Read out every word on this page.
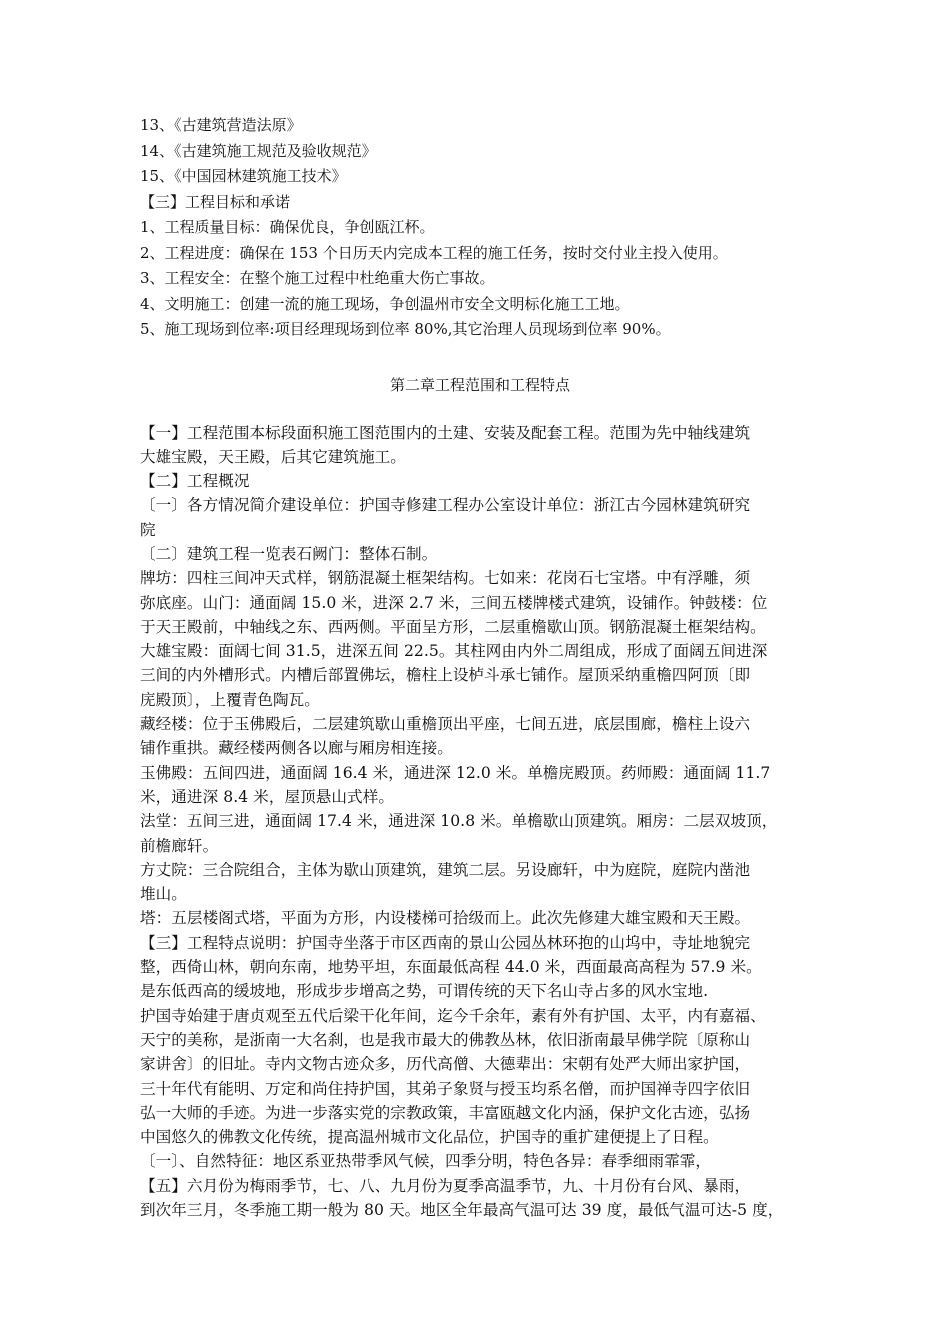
13、《古建筑营造法原》
14、《古建筑施工规范及验收规范》
15、《中国园林建筑施工技术》
【三】工程目标和承诺
1、工程质量目标：确保优良，争创瓯江杯。
2、工程进度：确保在 153 个日历天内完成本工程的施工任务，按时交付业主投入使用。
3、工程安全：在整个施工过程中杜绝重大伤亡事故。
4、文明施工：创建一流的施工现场，争创温州市安全文明标化施工工地。
5、施工现场到位率:项目经理现场到位率 80%,其它治理人员现场到位率 90%。
第二章工程范围和工程特点
【一】工程范围本标段面积施工图范围内的土建、安装及配套工程。范围为先中轴线建筑
大雄宝殿，天王殿，后其它建筑施工。
【二】工程概况
〔一〕各方情况简介建设单位：护国寺修建工程办公室设计单位：浙江古今园林建筑研究
院
〔二〕建筑工程一览表石阙门：整体石制。
牌坊：四柱三间冲天式样，钢筋混凝土框架结构。七如来：花岗石七宝塔。中有浮雕，须
弥底座。山门：通面阔 15.0 米，进深 2.7 米，三间五楼牌楼式建筑，设铺作。钟鼓楼：位
于天王殿前，中轴线之东、西两侧。平面呈方形，二层重檐歇山顶。钢筋混凝土框架结构。
大雄宝殿：面阔七间 31.5，进深五间 22.5。其柱网由内外二周组成，形成了面阔五间进深
三间的内外槽形式。内槽后部置佛坛，檐柱上设栌斗承七铺作。屋顶采纳重檐四阿顶〔即
庑殿顶〕，上覆青色陶瓦。
藏经楼：位于玉佛殿后，二层建筑歇山重檐顶出平座，七间五进，底层围廊，檐柱上设六
铺作重拱。藏经楼两侧各以廊与厢房相连接。
玉佛殿：五间四进，通面阔 16.4 米，通进深 12.0 米。单檐庑殿顶。药师殿：通面阔 11.7
米，通进深 8.4 米，屋顶悬山式样。
法堂：五间三进，通面阔 17.4 米，通进深 10.8 米。单檐歇山顶建筑。厢房：二层双坡顶，
前檐廊轩。
方丈院：三合院组合，主体为歇山顶建筑，建筑二层。另设廊轩，中为庭院，庭院内凿池
堆山。
塔：五层楼阁式塔，平面为方形，内设楼梯可拾级而上。此次先修建大雄宝殿和天王殿。
【三】工程特点说明：护国寺坐落于市区西南的景山公园丛林环抱的山坞中，寺址地貌完
整，西倚山林，朝向东南，地势平坦，东面最低高程 44.0 米，西面最高高程为 57.9 米。
是东低西高的缓坡地，形成步步增高之势，可谓传统的天下名山寺占多的风水宝地.
护国寺始建于唐贞观至五代后梁干化年间，迄今千余年，素有外有护国、太平，内有嘉福、
天宁的美称，是浙南一大名刹，也是我市最大的佛教丛林，依旧浙南最早佛学院〔原称山
家讲舍〕的旧址。寺内文物古迹众多，历代高僧、大德辈出：宋朝有处严大师出家护国，
三十年代有能明、万定和尚住持护国，其弟子象贤与授玉均系名僧，而护国禅寺四字依旧
弘一大师的手迹。为进一步落实党的宗教政策，丰富瓯越文化内涵，保护文化古迹，弘扬
中国悠久的佛教文化传统，提高温州城市文化品位，护国寺的重扩建便提上了日程。
〔一〕、自然特征：地区系亚热带季风气候，四季分明，特色各异：春季细雨霏霏，
【五】六月份为梅雨季节，七、八、九月份为夏季高温季节，九、十月份有台风、暴雨，
到次年三月，冬季施工期一般为 80 天。地区全年最高气温可达 39 度，最低气温可达-5 度，
